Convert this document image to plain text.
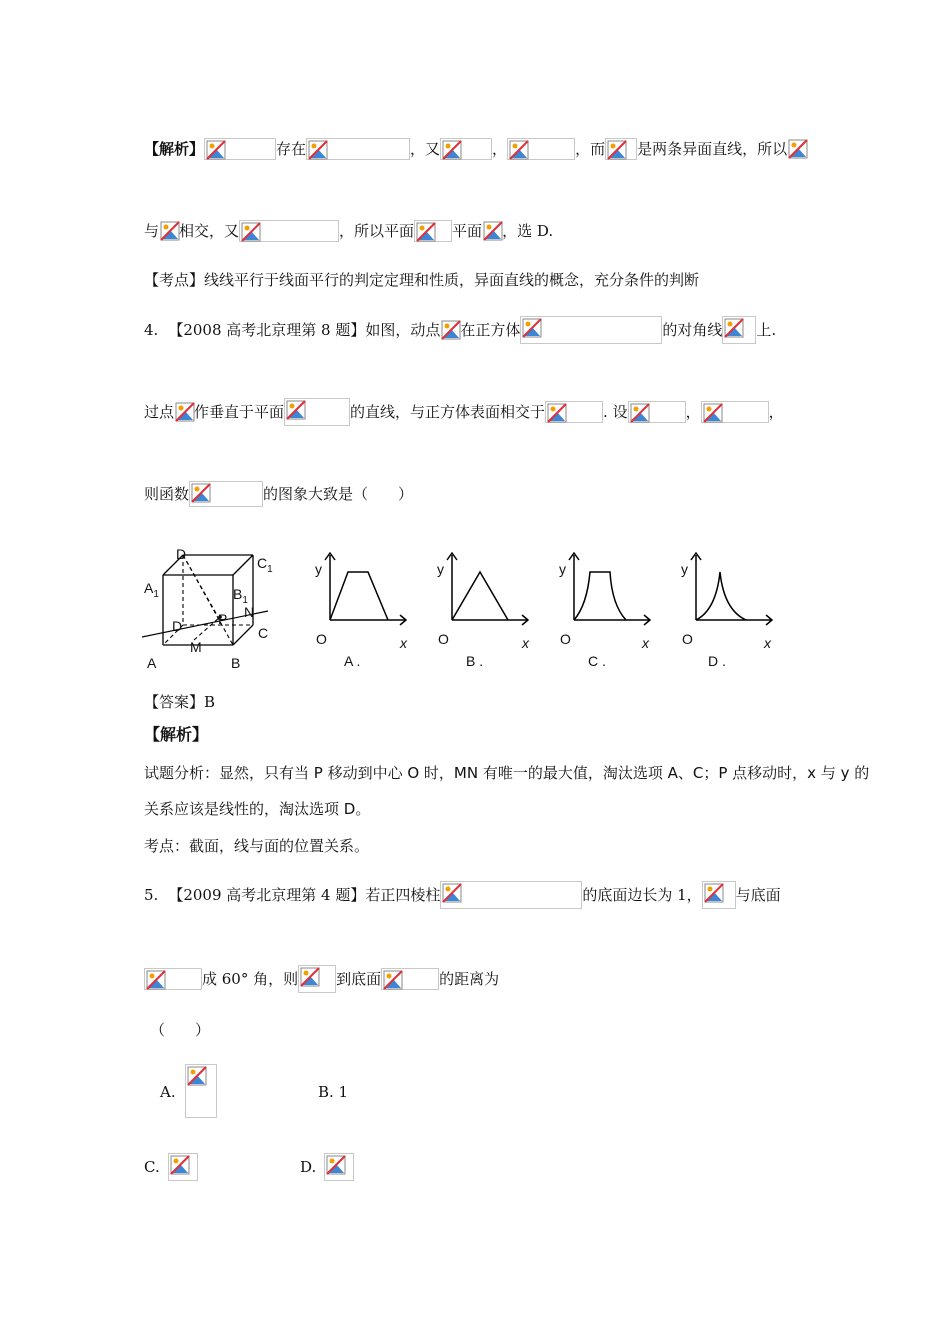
【解析】	存在	，又	，	，而 是两条异面直线，所以
与 相交，又	，所以平面	平面 ，选 D.
【考点】线线平行于线面平行的判定定理和性质，异面直线的概念，充分条件的判断
4. 【2008 高考北京理第 8 题】 如图，动点 在正方体	的对角线 上.
过点 作垂直于平面	的直线，与正方体表面相交于	. 设	，	，
则函数	的图象大致是（　　）
D
$C_1$
$A_1$	$B_1$
P N
D	C
M
A	B
y
O	x
A .
y
O	x
B .
y
O	x
C .
y
O	x
D .
【答案】B
【解析】
试题分析：显然，只有当 P 移动到中心 O 时，MN 有唯一的最大值，淘汰选项 A、C；P 点移动时，x 与 y 的
关系应该是线性的，淘汰选项 D。
考点：截面，线与面的位置关系。
5. 【2009 高考北京理第 4 题】 若正四棱柱	的底面边长为 1， 与底面
成 60° 角，则	到底面	的距离为
（　　）
A.	B. 1
C.	D.
